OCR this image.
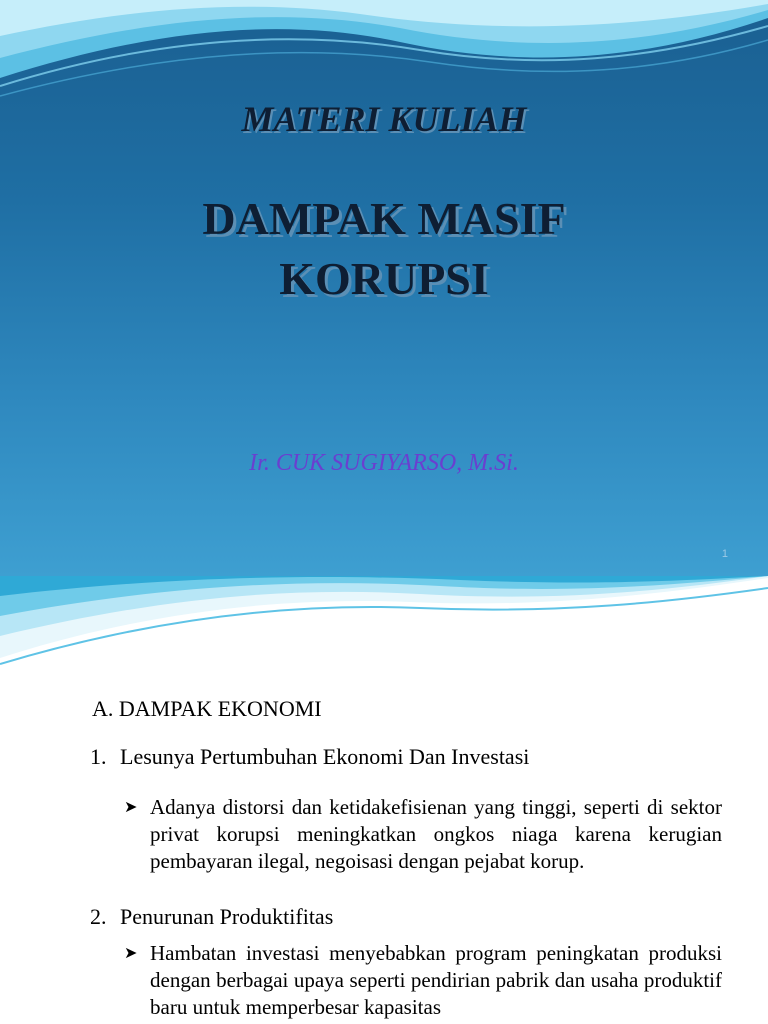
MATERI KULIAH
DAMPAK MASIF
KORUPSI
Ir. CUK SUGIYARSO, M.Si.
1
A. DAMPAK EKONOMI
1. Lesunya Pertumbuhan Ekonomi Dan Investasi
➤ Adanya distorsi dan ketidakefisienan yang tinggi, seperti di sektor privat korupsi meningkatkan ongkos niaga karena kerugian pembayaran ilegal, negoisasi dengan pejabat korup.
2. Penurunan Produktifitas
➤ Hambatan investasi menyebabkan program peningkatan produksi dengan berbagai upaya seperti pendirian pabrik dan usaha produktif baru untuk memperbesar kapasitas
